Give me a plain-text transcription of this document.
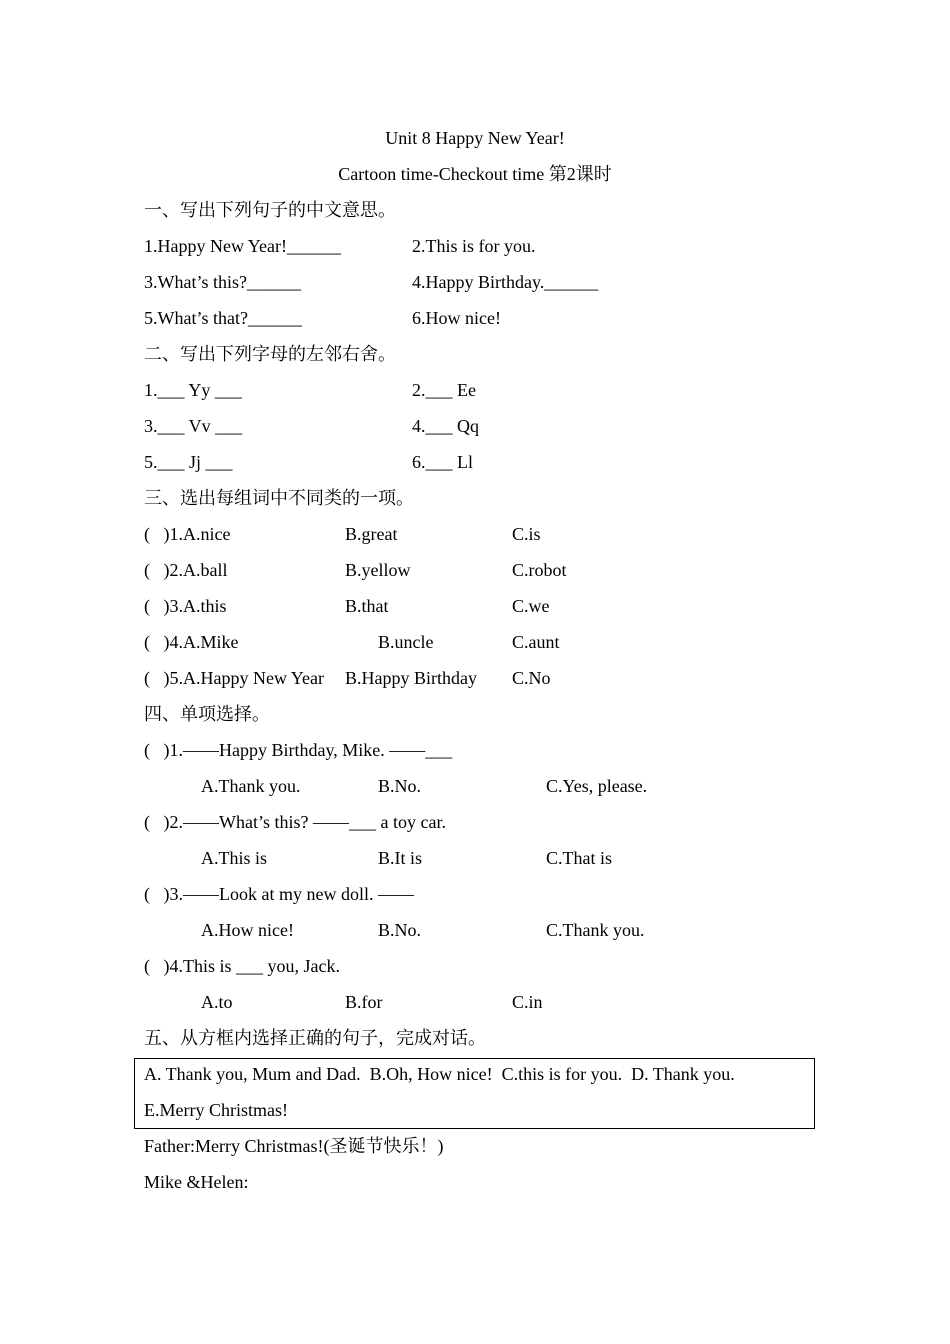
Unit 8 Happy New Year!
Cartoon time-Checkout time 第2课时
一、写出下列句子的中文意思。
1.Happy New Year!______	2.This is for you.
3.What’s this?______	4.Happy Birthday.______
5.What’s that?______	6.How nice!
二、写出下列字母的左邻右舍。
1.___ Yy ___	2.___ Ee
3.___ Vv ___	4.___ Qq
5.___ Jj ___	6.___ Ll
三、选出每组词中不同类的一项。
(   )1.A.nice	B.great	C.is
(   )2.A.ball	B.yellow	C.robot
(   )3.A.this	B.that	C.we
(   )4.A.Mike	B.uncle	C.aunt
(   )5.A.Happy New Year B.Happy Birthday C.No
四、单项选择。
(   )1.——Happy Birthday, Mike. ——___
A.Thank you.	B.No.	C.Yes, please.
(   )2.——What’s this? ——___ a toy car.
A.This is	B.It is	C.That is
(   )3.——Look at my new doll. ——
A.How nice!	B.No.	C.Thank you.
(   )4.This is ___ you, Jack.
A.to	B.for	C.in
五、从方框内选择正确的句子，完成对话。
A. Thank you, Mum and Dad.  B.Oh, How nice!  C.this is for you.  D. Thank you.
E.Merry Christmas!
Father:Merry Christmas!(圣诞节快乐！)
Mike &Helen:
